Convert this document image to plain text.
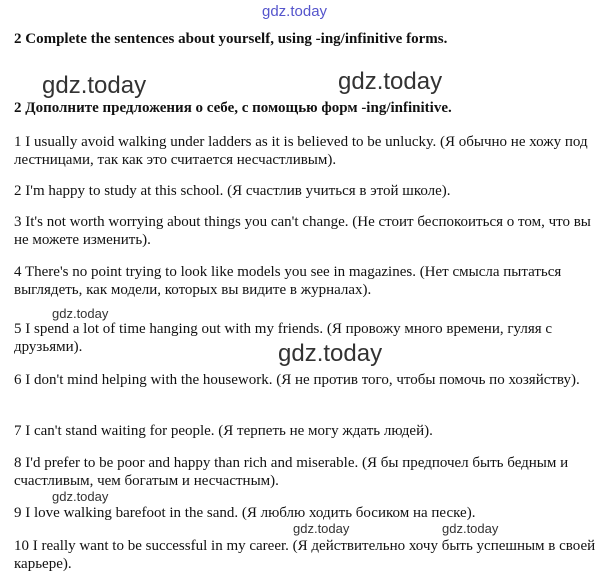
gdz.today
2 Complete the sentences about yourself, using -ing/infinitive forms.
gdz.today	gdz.today
2 Дополните предложения о себе, с помощью форм -ing/infinitive.
1 I usually avoid walking under ladders as it is believed to be unlucky. (Я обычно не хожу под лестницами, так как это считается несчастливым).
2 I'm happy to study at this school. (Я счастлив учиться в этой школе).
3 It's not worth worrying about things you can't change. (Не стоит беспокоиться о том, что вы не можете изменить).
4 There's no point trying to look like models you see in magazines. (Нет смысла пытаться выглядеть, как модели, которых вы видите в журналах).
gdz.today
5 I spend a lot of time hanging out with my friends. (Я провожу много времени, гуляя с друзьями).	gdz.today
6 I don't mind helping with the housework. (Я не против того, чтобы помочь по хозяйству).
7 I can't stand waiting for people. (Я терпеть не могу ждать людей).
8 I'd prefer to be poor and happy than rich and miserable. (Я бы предпочел быть бедным и счастливым, чем богатым и несчастным).
gdz.today
9 I love walking barefoot in the sand. (Я люблю ходить босиком на песке).
gdz.today	gdz.today
10 I really want to be successful in my career. (Я действительно хочу быть успешным в своей карьере).
